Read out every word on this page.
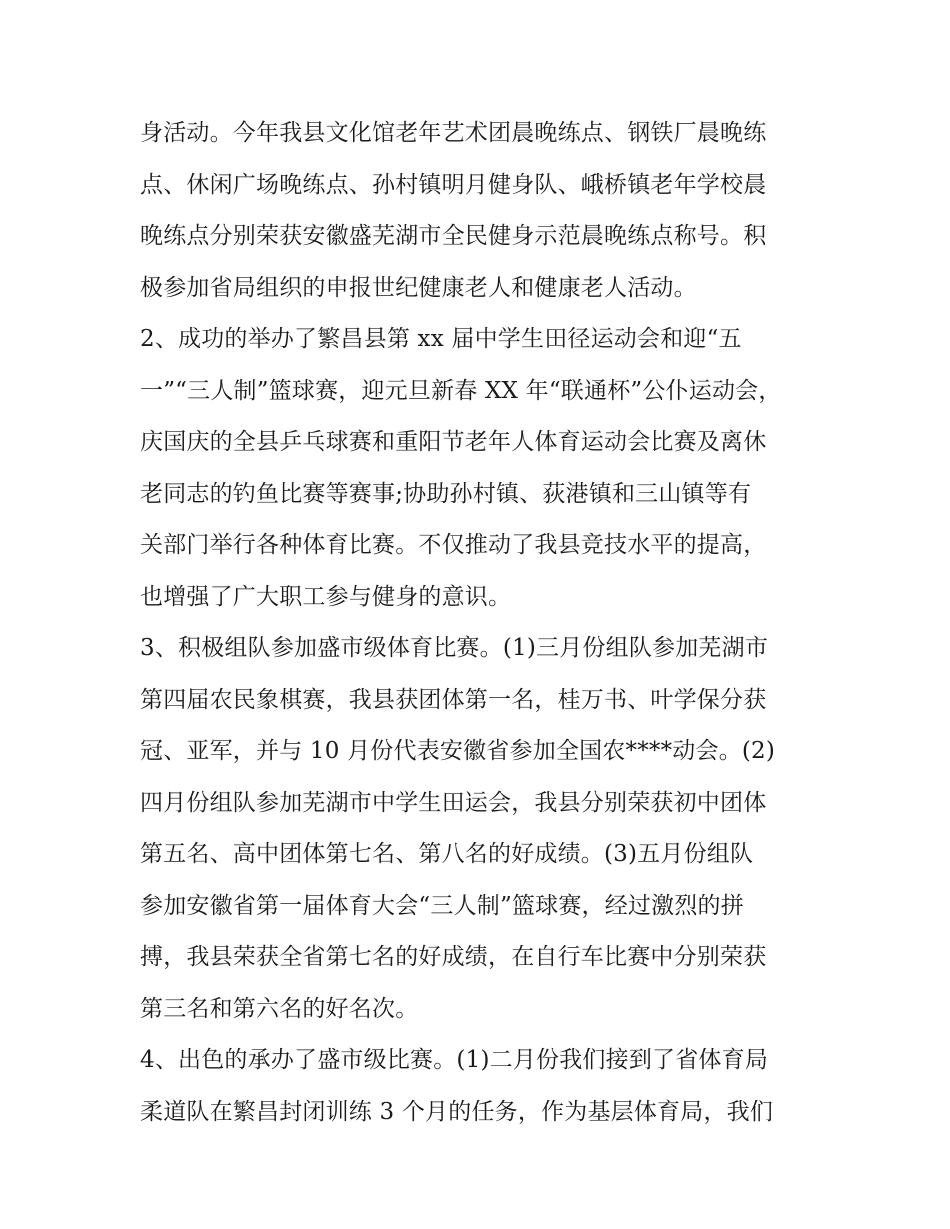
身活动。今年我县文化馆老年艺术团晨晚练点、钢铁厂晨晚练
点、休闲广场晚练点、孙村镇明月健身队、峨桥镇老年学校晨
晚练点分别荣获安徽盛芜湖市全民健身示范晨晚练点称号。积
极参加省局组织的申报世纪健康老人和健康老人活动。
2、成功的举办了繁昌县第 xx 届中学生田径运动会和迎“五
一”“三人制”篮球赛，迎元旦新春 XX 年“联通杯”公仆运动会，
庆国庆的全县乒乓球赛和重阳节老年人体育运动会比赛及离休
老同志的钓鱼比赛等赛事;协助孙村镇、荻港镇和三山镇等有
关部门举行各种体育比赛。不仅推动了我县竞技水平的提高，
也增强了广大职工参与健身的意识。
3、积极组队参加盛市级体育比赛。(1)三月份组队参加芜湖市
第四届农民象棋赛，我县获团体第一名，桂万书、叶学保分获
冠、亚军，并与 10 月份代表安徽省参加全国农****动会。(2)
四月份组队参加芜湖市中学生田运会，我县分别荣获初中团体
第五名、高中团体第七名、第八名的好成绩。(3)五月份组队
参加安徽省第一届体育大会“三人制”篮球赛，经过激烈的拼
搏，我县荣获全省第七名的好成绩，在自行车比赛中分别荣获
第三名和第六名的好名次。
4、出色的承办了盛市级比赛。(1)二月份我们接到了省体育局
柔道队在繁昌封闭训练 3 个月的任务，作为基层体育局，我们
